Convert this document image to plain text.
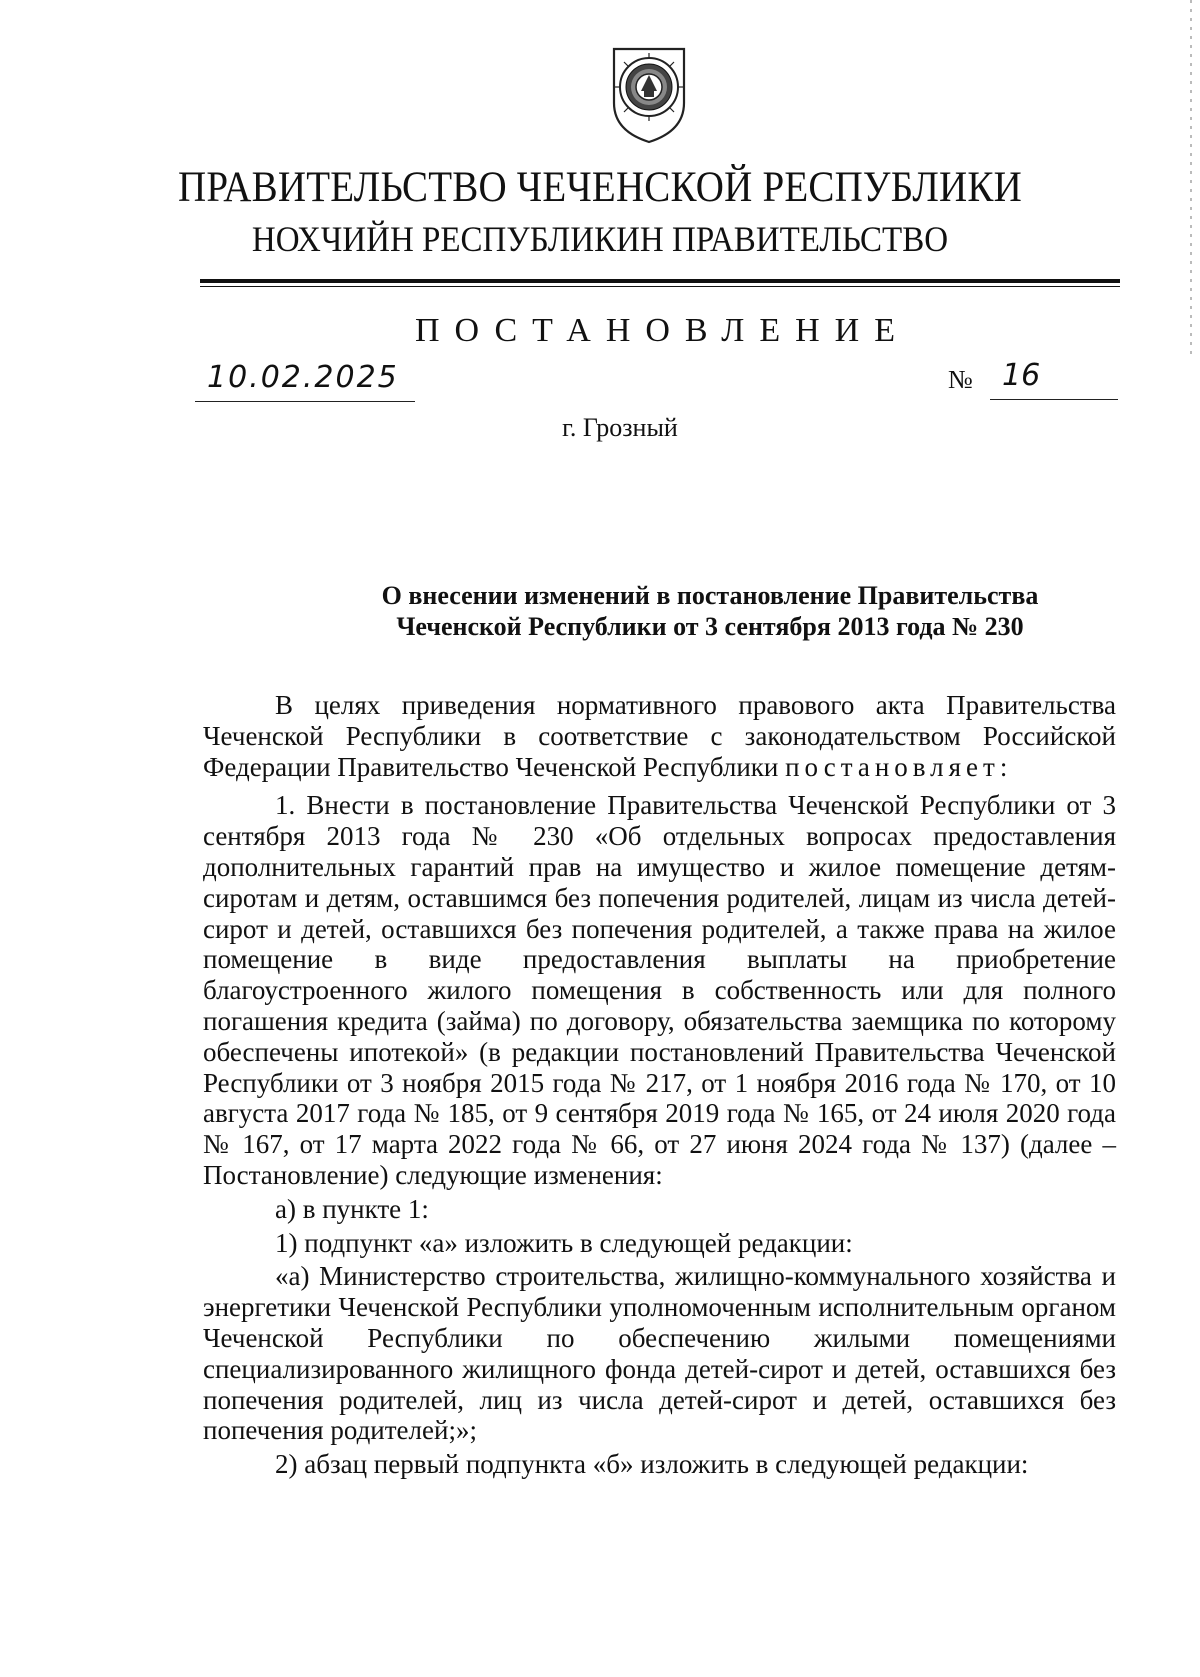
ПРАВИТЕЛЬСТВО ЧЕЧЕНСКОЙ РЕСПУБЛИКИ
НОХЧИЙН РЕСПУБЛИКИН ПРАВИТЕЛЬСТВО
ПОСТАНОВЛЕНИЕ
10.02.2025	№ 16
г. Грозный
О внесении изменений в постановление Правительства
Чеченской Республики от 3 сентября 2013 года № 230

В целях приведения нормативного правового акта Правительства Чеченской Республики в соответствие с законодательством Российской Федерации Правительство Чеченской Республики постановляет:

1. Внести в постановление Правительства Чеченской Республики от 3 сентября 2013 года № 230 «Об отдельных вопросах предоставления дополнительных гарантий прав на имущество и жилое помещение детям-сиротам и детям, оставшимся без попечения родителей, лицам из числа детей-сирот и детей, оставшихся без попечения родителей, а также права на жилое помещение в виде предоставления выплаты на приобретение благоустроенного жилого помещения в собственность или для полного погашения кредита (займа) по договору, обязательства заемщика по которому обеспечены ипотекой» (в редакции постановлений Правительства Чеченской Республики от 3 ноября 2015 года № 217, от 1 ноября 2016 года № 170, от 10 августа 2017 года № 185, от 9 сентября 2019 года № 165, от 24 июля 2020 года № 167, от 17 марта 2022 года № 66, от 27 июня 2024 года № 137) (далее – Постановление) следующие изменения:

а) в пункте 1:

1) подпункт «а» изложить в следующей редакции:

«а) Министерство строительства, жилищно-коммунального хозяйства и энергетики Чеченской Республики уполномоченным исполнительным органом Чеченской Республики по обеспечению жилыми помещениями специализированного жилищного фонда детей-сирот и детей, оставшихся без попечения родителей, лиц из числа детей-сирот и детей, оставшихся без попечения родителей;»;

2) абзац первый подпункта «б» изложить в следующей редакции:
